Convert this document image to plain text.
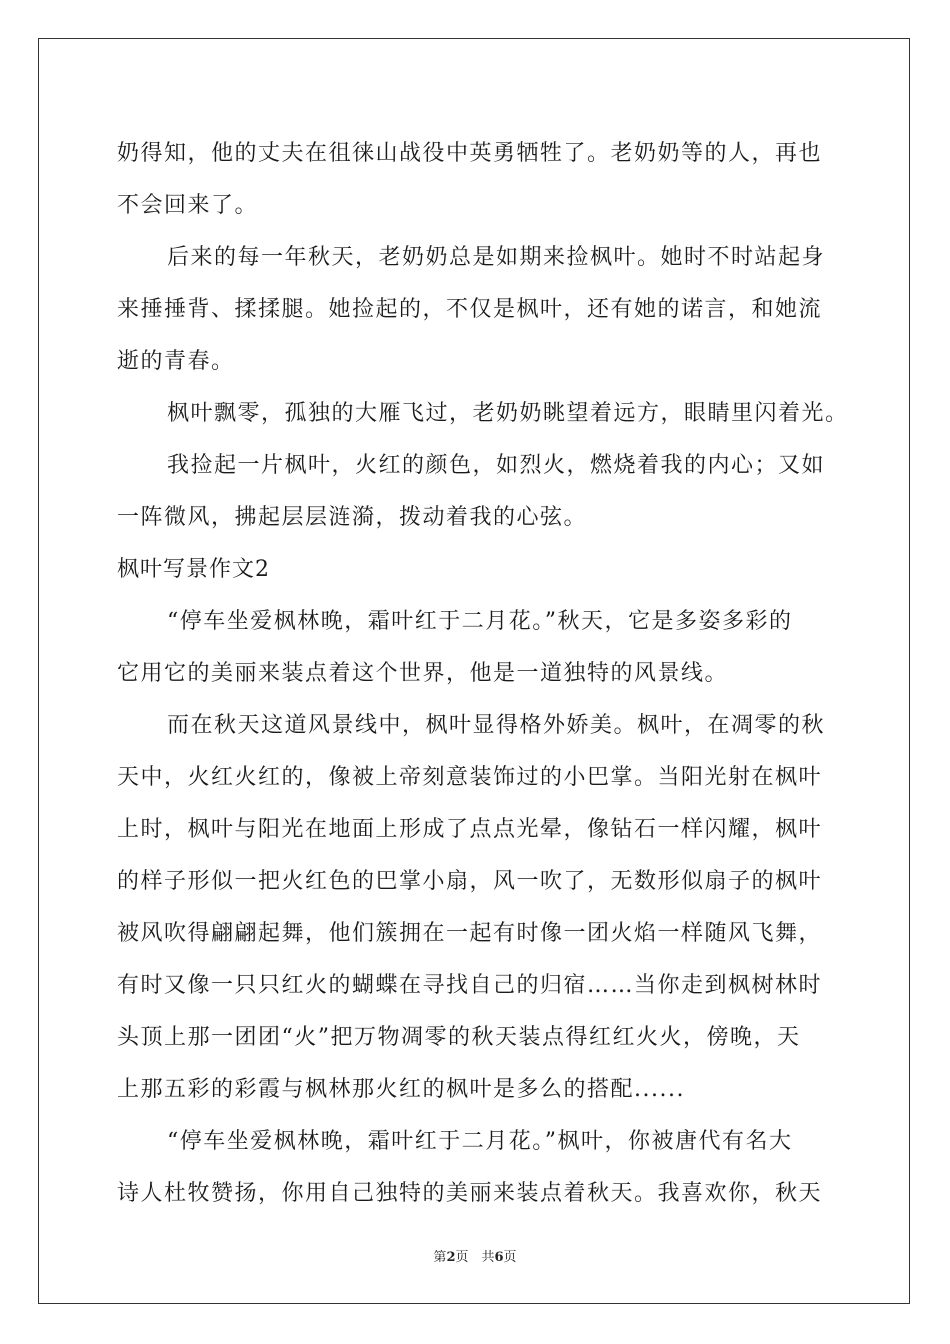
奶得知，他的丈夫在徂徕山战役中英勇牺牲了。老奶奶等的人，再也
不会回来了。
后来的每一年秋天，老奶奶总是如期来捡枫叶。她时不时站起身
来捶捶背、揉揉腿。她捡起的，不仅是枫叶，还有她的诺言，和她流
逝的青春。
枫叶飘零，孤独的大雁飞过，老奶奶眺望着远方，眼睛里闪着光。
我捡起一片枫叶，火红的颜色，如烈火，燃烧着我的内心；又如
一阵微风，拂起层层涟漪，拨动着我的心弦。
枫叶写景作文2
“停车坐爱枫林晚，霜叶红于二月花。”秋天，它是多姿多彩的
它用它的美丽来装点着这个世界，他是一道独特的风景线。
而在秋天这道风景线中，枫叶显得格外娇美。枫叶，在凋零的秋
天中，火红火红的，像被上帝刻意装饰过的小巴掌。当阳光射在枫叶
上时，枫叶与阳光在地面上形成了点点光晕，像钻石一样闪耀，枫叶
的样子形似一把火红色的巴掌小扇，风一吹了，无数形似扇子的枫叶
被风吹得翩翩起舞，他们簇拥在一起有时像一团火焰一样随风飞舞，
有时又像一只只红火的蝴蝶在寻找自己的归宿……当你走到枫树林时
头顶上那一团团“火”把万物凋零的秋天装点得红红火火，傍晚，天
上那五彩的彩霞与枫林那火红的枫叶是多么的搭配......
“停车坐爱枫林晚，霜叶红于二月花。”枫叶，你被唐代有名大
诗人杜牧赞扬，你用自己独特的美丽来装点着秋天。我喜欢你，秋天
第2页　共6页
